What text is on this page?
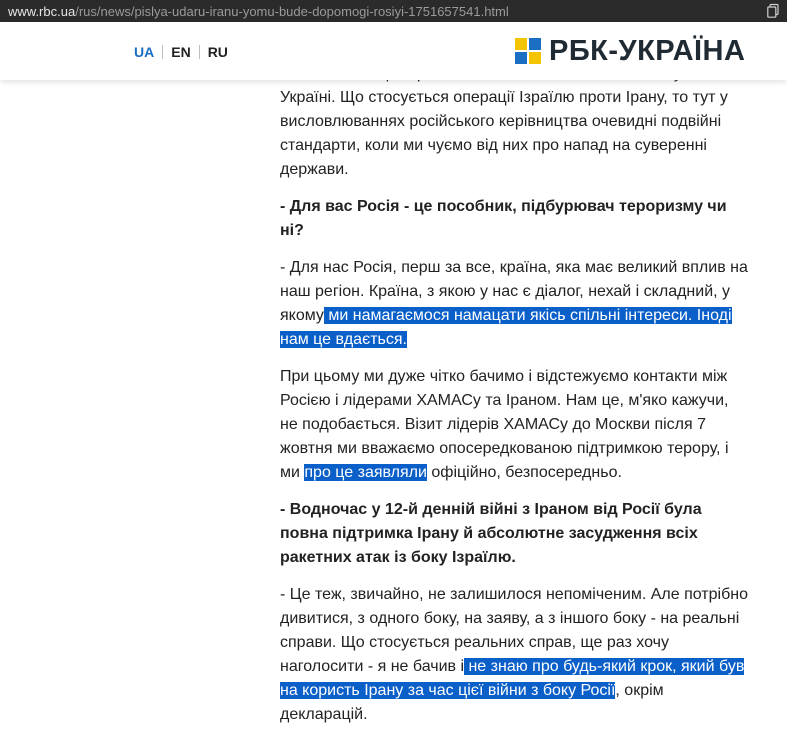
www.rbc.ua /rus/news/pislya-udaru-iranu-yomu-bude-dopomogi-rosiyi-1751657541.html

Україні. Що стосується операції Ізраїлю проти Ірану, то тут у висловлюваннях російського керівництва очевидні подвійні стандарти, коли ми чуємо від них про напад на суверенні держави.

- Для вас Росія - це пособник, підбурювач тероризму чи ні?

- Для нас Росія, перш за все, країна, яка має великий вплив на наш регіон. Країна, з якою у нас є діалог, нехай і складний, у якому ми намагаємося намацати якісь спільні інтереси. Іноді нам це вдається.

При цьому ми дуже чітко бачимо і відстежуємо контакти між Росією і лідерами ХАМАСу та Іраном. Нам це, м'яко кажучи, не подобається. Візит лідерів ХАМАСу до Москви після 7 жовтня ми вважаємо опосередкованою підтримкою терору, і ми про це заявляли офіційно, безпосередньо.

- Водночас у 12-й денній війні з Іраном від Росії була повна підтримка Ірану й абсолютне засудження всіх ракетних атак із боку Ізраїлю.

- Це теж, звичайно, не залишилося непоміченим. Але потрібно дивитися, з одного боку, на заяву, а з іншого боку - на реальні справи. Що стосується реальних справ, ще раз хочу наголосити - я не бачив і не знаю про будь-який крок, який був на користь Ірану за час цієї війни з боку Росії, окрім декларацій.

UA	EN	RU	РБК-УКРАЇНА
